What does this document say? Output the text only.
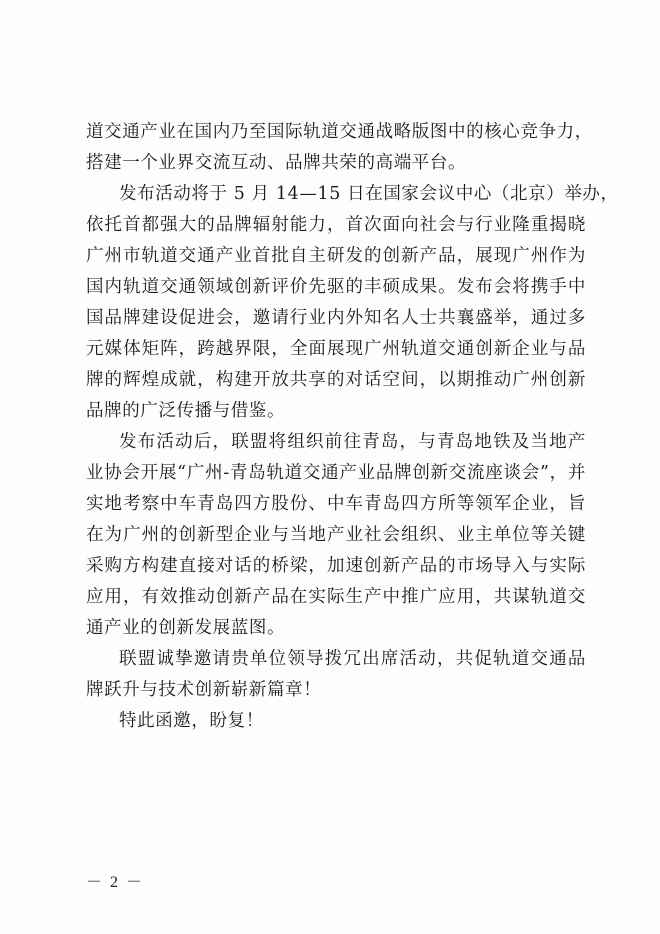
道交通产业在国内乃至国际轨道交通战略版图中的核心竞争力，
搭建一个业界交流互动、品牌共荣的高端平台。
发布活动将于 5 月 14—15 日在国家会议中心（北京）举办，
依托首都强大的品牌辐射能力，首次面向社会与行业隆重揭晓
广州市轨道交通产业首批自主研发的创新产品，展现广州作为
国内轨道交通领域创新评价先驱的丰硕成果。发布会将携手中
国品牌建设促进会，邀请行业内外知名人士共襄盛举，通过多
元媒体矩阵，跨越界限，全面展现广州轨道交通创新企业与品
牌的辉煌成就，构建开放共享的对话空间，以期推动广州创新
品牌的广泛传播与借鉴。
发布活动后，联盟将组织前往青岛，与青岛地铁及当地产
业协会开展“广州-青岛轨道交通产业品牌创新交流座谈会”，并
实地考察中车青岛四方股份、中车青岛四方所等领军企业，旨
在为广州的创新型企业与当地产业社会组织、业主单位等关键
采购方构建直接对话的桥梁，加速创新产品的市场导入与实际
应用，有效推动创新产品在实际生产中推广应用，共谋轨道交
通产业的创新发展蓝图。
联盟诚挚邀请贵单位领导拨冗出席活动，共促轨道交通品
牌跃升与技术创新崭新篇章！
特此函邀，盼复！
－ 2 －
